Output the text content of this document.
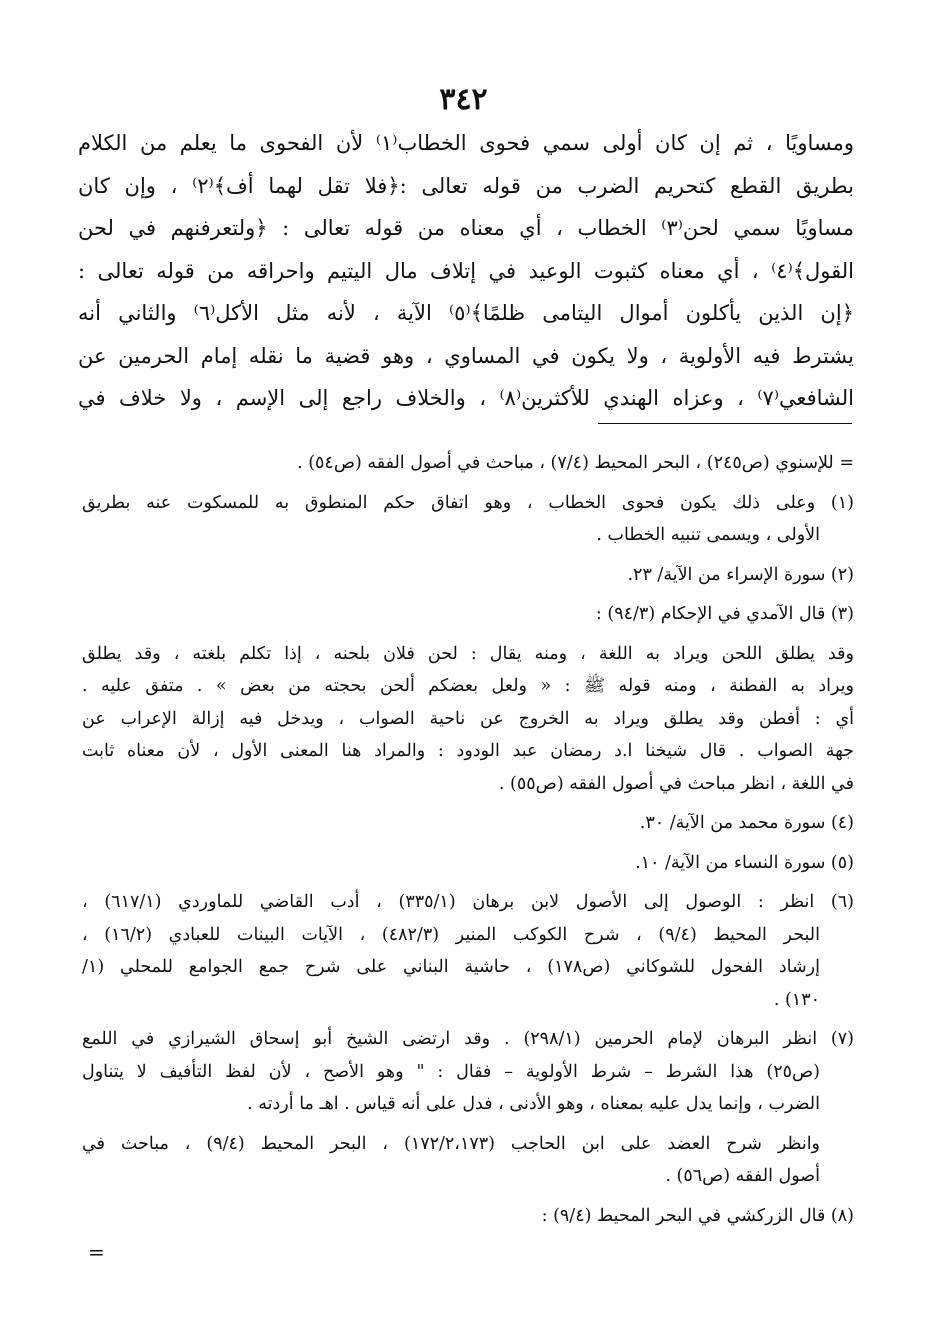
٣٤٢
ومساويًا ، ثم إن كان أولى سمي فحوى الخطاب⁽١⁾ لأن الفحوى ما يعلم من الكلام
بطريق القطع كتحريم الضرب من قوله تعالى :﴿فلا تقل لهما أف﴾⁽٢⁾ ، وإن كان
مساويًا سمي لحن⁽٣⁾ الخطاب ، أي معناه من قوله تعالى : ﴿ولتعرفنهم في لحن
القول﴾⁽٤⁾ ، أي معناه كثبوت الوعيد في إتلاف مال اليتيم واحراقه من قوله تعالى :
﴿إن الذين يأكلون أموال اليتامى ظلمًا﴾⁽٥⁾ الآية ، لأنه مثل الأكل⁽٦⁾ والثاني أنه
يشترط فيه الأولوية ، ولا يكون في المساوي ، وهو قضية ما نقله إمام الحرمين عن
الشافعي⁽٧⁾ ، وعزاه الهندي للأكثرين⁽٨⁾ ، والخلاف راجع إلى الإسم ، ولا خلاف في
= للإسنوي (ص٢٤٥) ، البحر المحيط (٧/٤) ، مباحث في أصول الفقه (ص٥٤) .
(١) وعلى ذلك يكون فحوى الخطاب ، وهو اتفاق حكم المنطوق به للمسكوت عنه بطريق
الأولى ، ويسمى تنبيه الخطاب .
(٢) سورة الإسراء من الآية/ ٢٣.
(٣) قال الآمدي في الإحكام (٩٤/٣) :
وقد يطلق اللحن ويراد به اللغة ، ومنه يقال : لحن فلان بلحنه ، إذا تكلم بلغته ، وقد يطلق
ويراد به الفطنة ، ومنه قوله ﷺ : « ولعل بعضكم ألحن بحجته من بعض » . متفق عليه .
أي : أفطن وقد يطلق ويراد به الخروج عن ناحية الصواب ، ويدخل فيه إزالة الإعراب عن
جهة الصواب . قال شيخنا ا.د رمضان عبد الودود : والمراد هنا المعنى الأول ، لأن معناه ثابت
في اللغة ، انظر مباحث في أصول الفقه (ص٥٥) .
(٤) سورة محمد من الآية/ ٣٠.
(٥) سورة النساء من الآية/ ١٠.
(٦) انظر : الوصول إلى الأصول لابن برهان (٣٣٥/١) ، أدب القاضي للماوردي (٦١٧/١) ،
البحر المحيط (٩/٤) ، شرح الكوكب المنير (٤٨٢/٣) ، الآيات البينات للعبادي (١٦/٢) ،
إرشاد الفحول للشوكاني (ص١٧٨) ، حاشية البناني على شرح جمع الجوامع للمحلي (١/
١٣٠) .
(٧) انظر البرهان لإمام الحرمين (٢٩٨/١) . وقد ارتضى الشيخ أبو إسحاق الشيرازي في اللمع
(ص٢٥) هذا الشرط – شرط الأولوية – فقال : " وهو الأصح ، لأن لفظ التأفيف لا يتناول
الضرب ، وإنما يدل عليه بمعناه ، وهو الأدنى ، فدل على أنه قياس . اهـ ما أردته .
وانظر شرح العضد على ابن الحاجب (١٧٢/٢،١٧٣) ، البحر المحيط (٩/٤) ، مباحث في
أصول الفقه (ص٥٦) .
(٨) قال الزركشي في البحر المحيط (٩/٤) :
=
